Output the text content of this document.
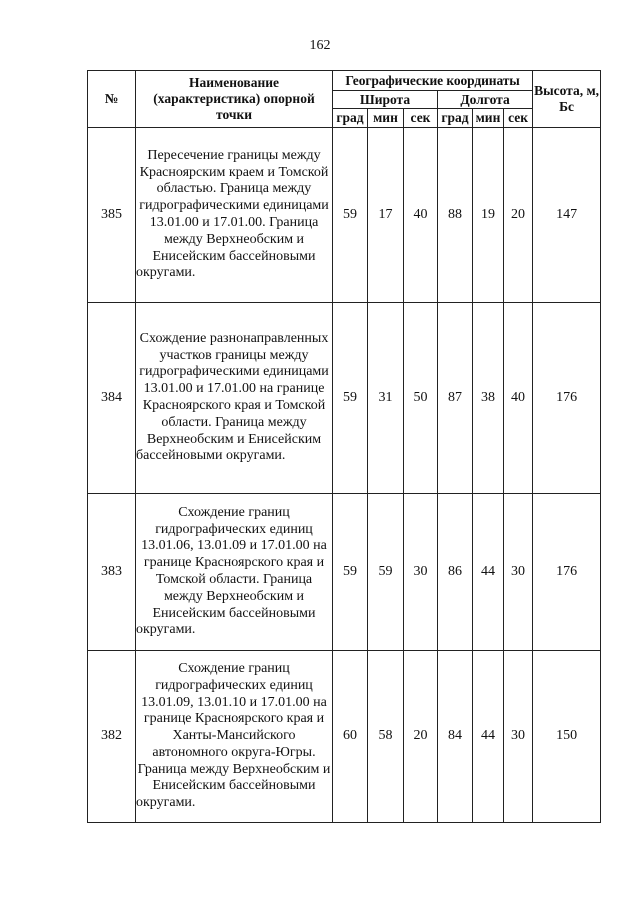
162
№	Наименование (характеристика) опорной точки	Географические координаты						Высота, м, Бс
		Широта			Долгота			
		град	мин	сек	град	мин	сек	
385	Пересечение границы между Красноярским краем и Томской областью. Граница между гидрографическими единицами 13.01.00 и 17.01.00. Граница между Верхнеобским и Енисейским бассейновыми округами.	59	17	40	88	19	20	147
384	Схождение разнонаправленных участков границы между гидрографическими единицами 13.01.00 и 17.01.00 на границе Красноярского края и Томской области. Граница между Верхнеобским и Енисейским бассейновыми округами.	59	31	50	87	38	40	176
383	Схождение границ гидрографических единиц 13.01.06, 13.01.09 и 17.01.00 на границе Красноярского края и Томской области. Граница между Верхнеобским и Енисейским бассейновыми округами.	59	59	30	86	44	30	176
382	Схождение границ гидрографических единиц 13.01.09, 13.01.10 и 17.01.00 на границе Красноярского края и Ханты-Мансийского автономного округа-Югры. Граница между Верхнеобским и Енисейским бассейновыми округами.	60	58	20	84	44	30	150
